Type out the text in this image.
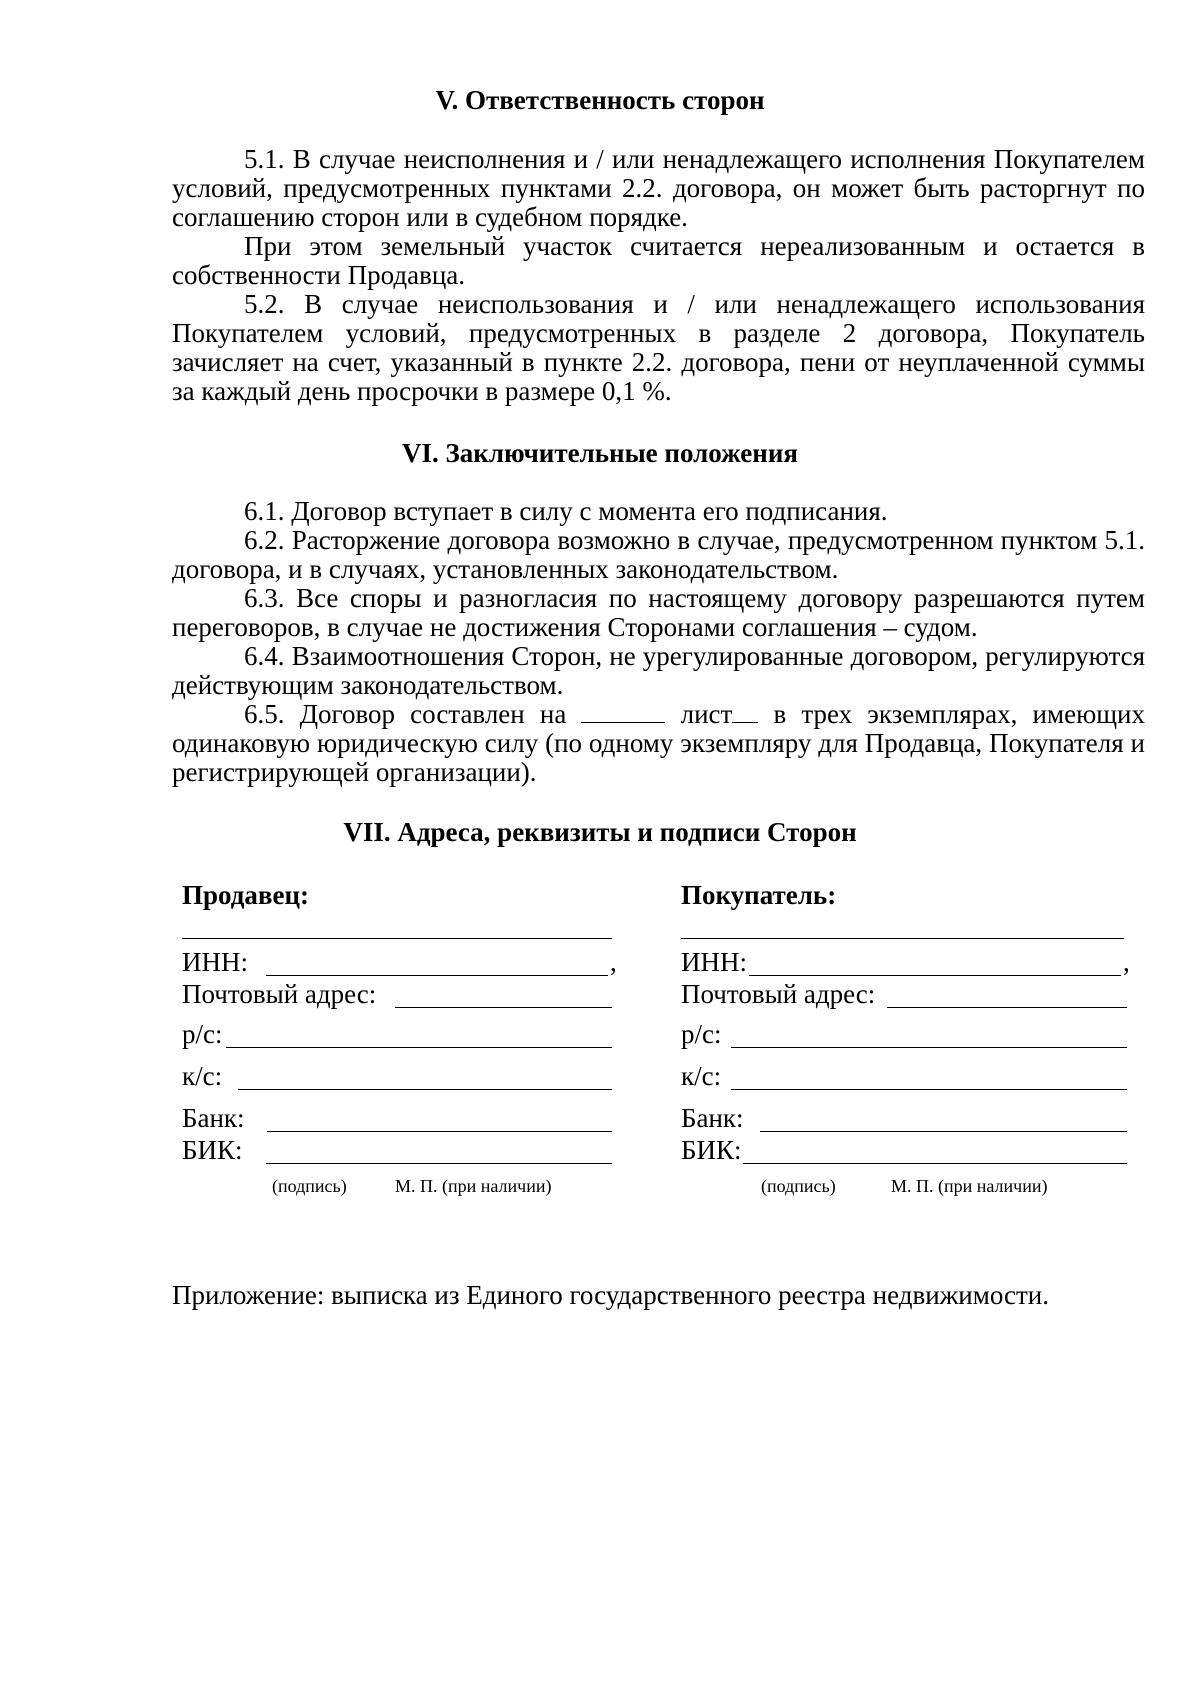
V. Ответственность сторон

5.1. В случае неисполнения и / или ненадлежащего исполнения Покупателем условий, предусмотренных пунктами 2.2. договора, он может быть расторгнут по соглашению сторон или в судебном порядке.

При этом земельный участок считается нереализованным и остается в собственности Продавца.

5.2. В случае неиспользования и / или ненадлежащего использования Покупателем условий, предусмотренных в разделе 2 договора, Покупатель зачисляет на счет, указанный в пункте 2.2. договора, пени от неуплаченной суммы за каждый день просрочки в размере 0,1 %.

VI. Заключительные положения

6.1. Договор вступает в силу с момента его подписания.

6.2. Расторжение договора возможно в случае, предусмотренном пунктом 5.1. договора, и в случаях, установленных законодательством.

6.3. Все споры и разногласия по настоящему договору разрешаются путем переговоров, в случае не достижения Сторонами соглашения – судом.

6.4. Взаимоотношения Сторон, не урегулированные договором, регулируются действующим законодательством.

6.5. Договор составлен на	лист в трех экземплярах, имеющих одинаковую юридическую силу (по одному экземпляру для Продавца, Покупателя и регистрирующей организации).

VII. Адреса, реквизиты и подписи Сторон
Продавец:
ИНН:	,
Почтовый адрес:
р/с:
к/с:
Банк:
БИК:
(подпись)	М. П. (при наличии)
Покупатель:
ИНН:	,
Почтовый адрес:
р/с:
к/с:
Банк:
БИК:
(подпись)	М. П. (при наличии)
Приложение: выписка из Единого государственного реестра недвижимости.
